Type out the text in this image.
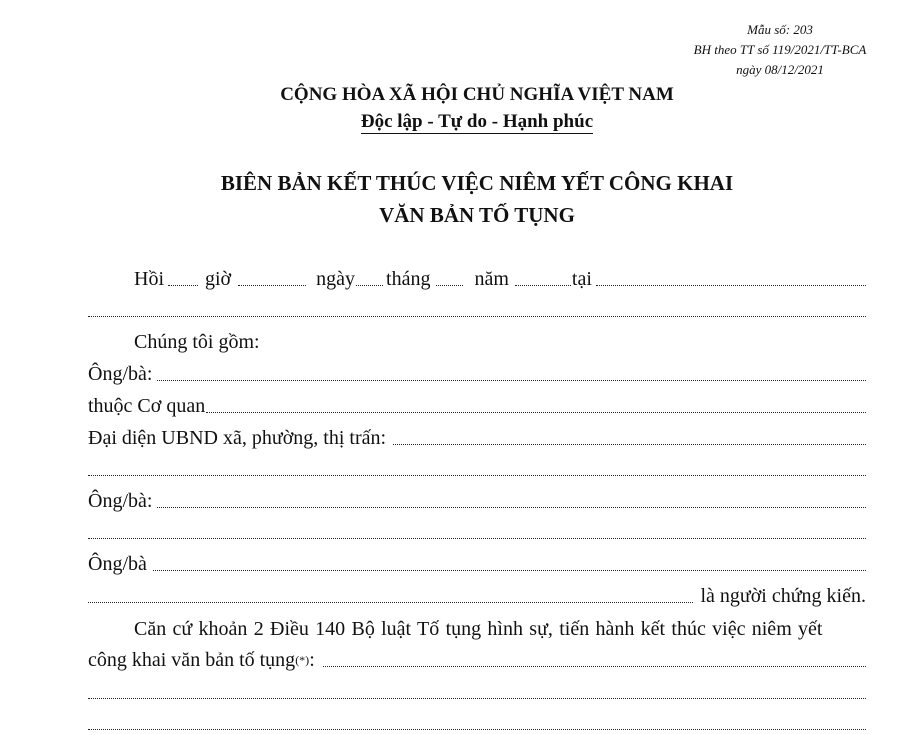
Mẫu số: 203
BH theo TT số 119/2021/TT-BCA
ngày 08/12/2021
CỘNG HÒA XÃ HỘI CHỦ NGHĨA VIỆT NAM
Độc lập - Tự do - Hạnh phúc
BIÊN BẢN KẾT THÚC VIỆC NIÊM YẾT CÔNG KHAI
VĂN BẢN TỐ TỤNG
Hồi giờ	ngày tháng năm	tại
Chúng tôi gồm:
Ông/bà:
thuộc Cơ quan
Đại diện UBND xã, phường, thị trấn:
Ông/bà:
Ông/bà
là người chứng kiến.
Căn cứ khoản 2 Điều 140 Bộ luật Tố tụng hình sự, tiến hành kết thúc việc niêm yết
công khai văn bản tố tụng (*) :
